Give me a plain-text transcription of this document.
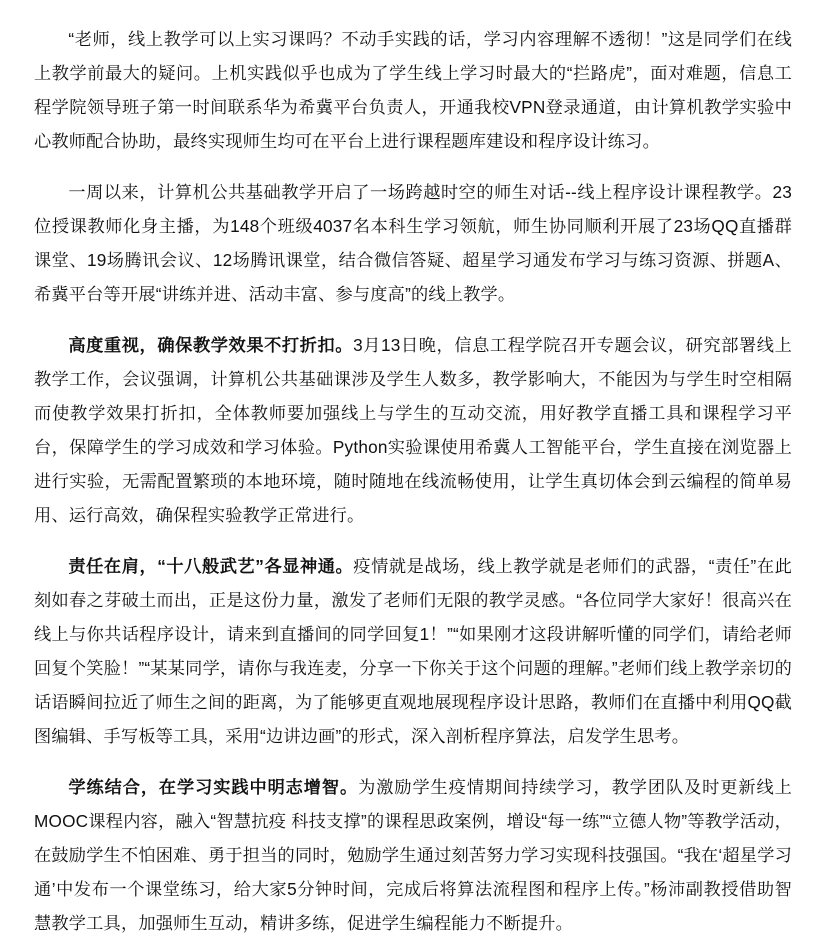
“老师，线上教学可以上实习课吗？不动手实践的话，学习内容理解不透彻！”这是同学们在线上教学前最大的疑问。上机实践似乎也成为了学生线上学习时最大的“拦路虎”，面对难题，信息工程学院领导班子第一时间联系华为希冀平台负责人，开通我校VPN登录通道，由计算机教学实验中心教师配合协助，最终实现师生均可在平台上进行课程题库建设和程序设计练习。

一周以来，计算机公共基础教学开启了一场跨越时空的师生对话--线上程序设计课程教学。23位授课教师化身主播，为148个班级4037名本科生学习领航，师生协同顺利开展了23场QQ直播群课堂、19场腾讯会议、12场腾讯课堂，结合微信答疑、超星学习通发布学习与练习资源、拼题A、希冀平台等开展“讲练并进、活动丰富、参与度高”的线上教学。

高度重视，确保教学效果不打折扣。3月13日晚，信息工程学院召开专题会议，研究部署线上教学工作，会议强调，计算机公共基础课涉及学生人数多，教学影响大，不能因为与学生时空相隔而使教学效果打折扣，全体教师要加强线上与学生的互动交流，用好教学直播工具和课程学习平台，保障学生的学习成效和学习体验。Python实验课使用希冀人工智能平台，学生直接在浏览器上进行实验，无需配置繁琐的本地环境，随时随地在线流畅使用，让学生真切体会到云编程的简单易用、运行高效，确保程实验教学正常进行。

责任在肩，“十八般武艺”各显神通。疫情就是战场，线上教学就是老师们的武器，“责任”在此刻如春之芽破土而出，正是这份力量，激发了老师们无限的教学灵感。“各位同学大家好！很高兴在线上与你共话程序设计，请来到直播间的同学回复1！”“如果刚才这段讲解听懂的同学们，请给老师回复个笑脸！”“某某同学，请你与我连麦，分享一下你关于这个问题的理解。”老师们线上教学亲切的话语瞬间拉近了师生之间的距离，为了能够更直观地展现程序设计思路，教师们在直播中利用QQ截图编辑、手写板等工具，采用“边讲边画”的形式，深入剖析程序算法，启发学生思考。

学练结合，在学习实践中明志增智。为激励学生疫情期间持续学习，教学团队及时更新线上MOOC课程内容，融入“智慧抗疫 科技支撑”的课程思政案例，增设“每一练”“立德人物”等教学活动，在鼓励学生不怕困难、勇于担当的同时，勉励学生通过刻苦努力学习实现科技强国。“我在‘超星学习通’中发布一个课堂练习，给大家5分钟时间，完成后将算法流程图和程序上传。”杨沛副教授借助智慧教学工具，加强师生互动，精讲多练，促进学生编程能力不断提升。
